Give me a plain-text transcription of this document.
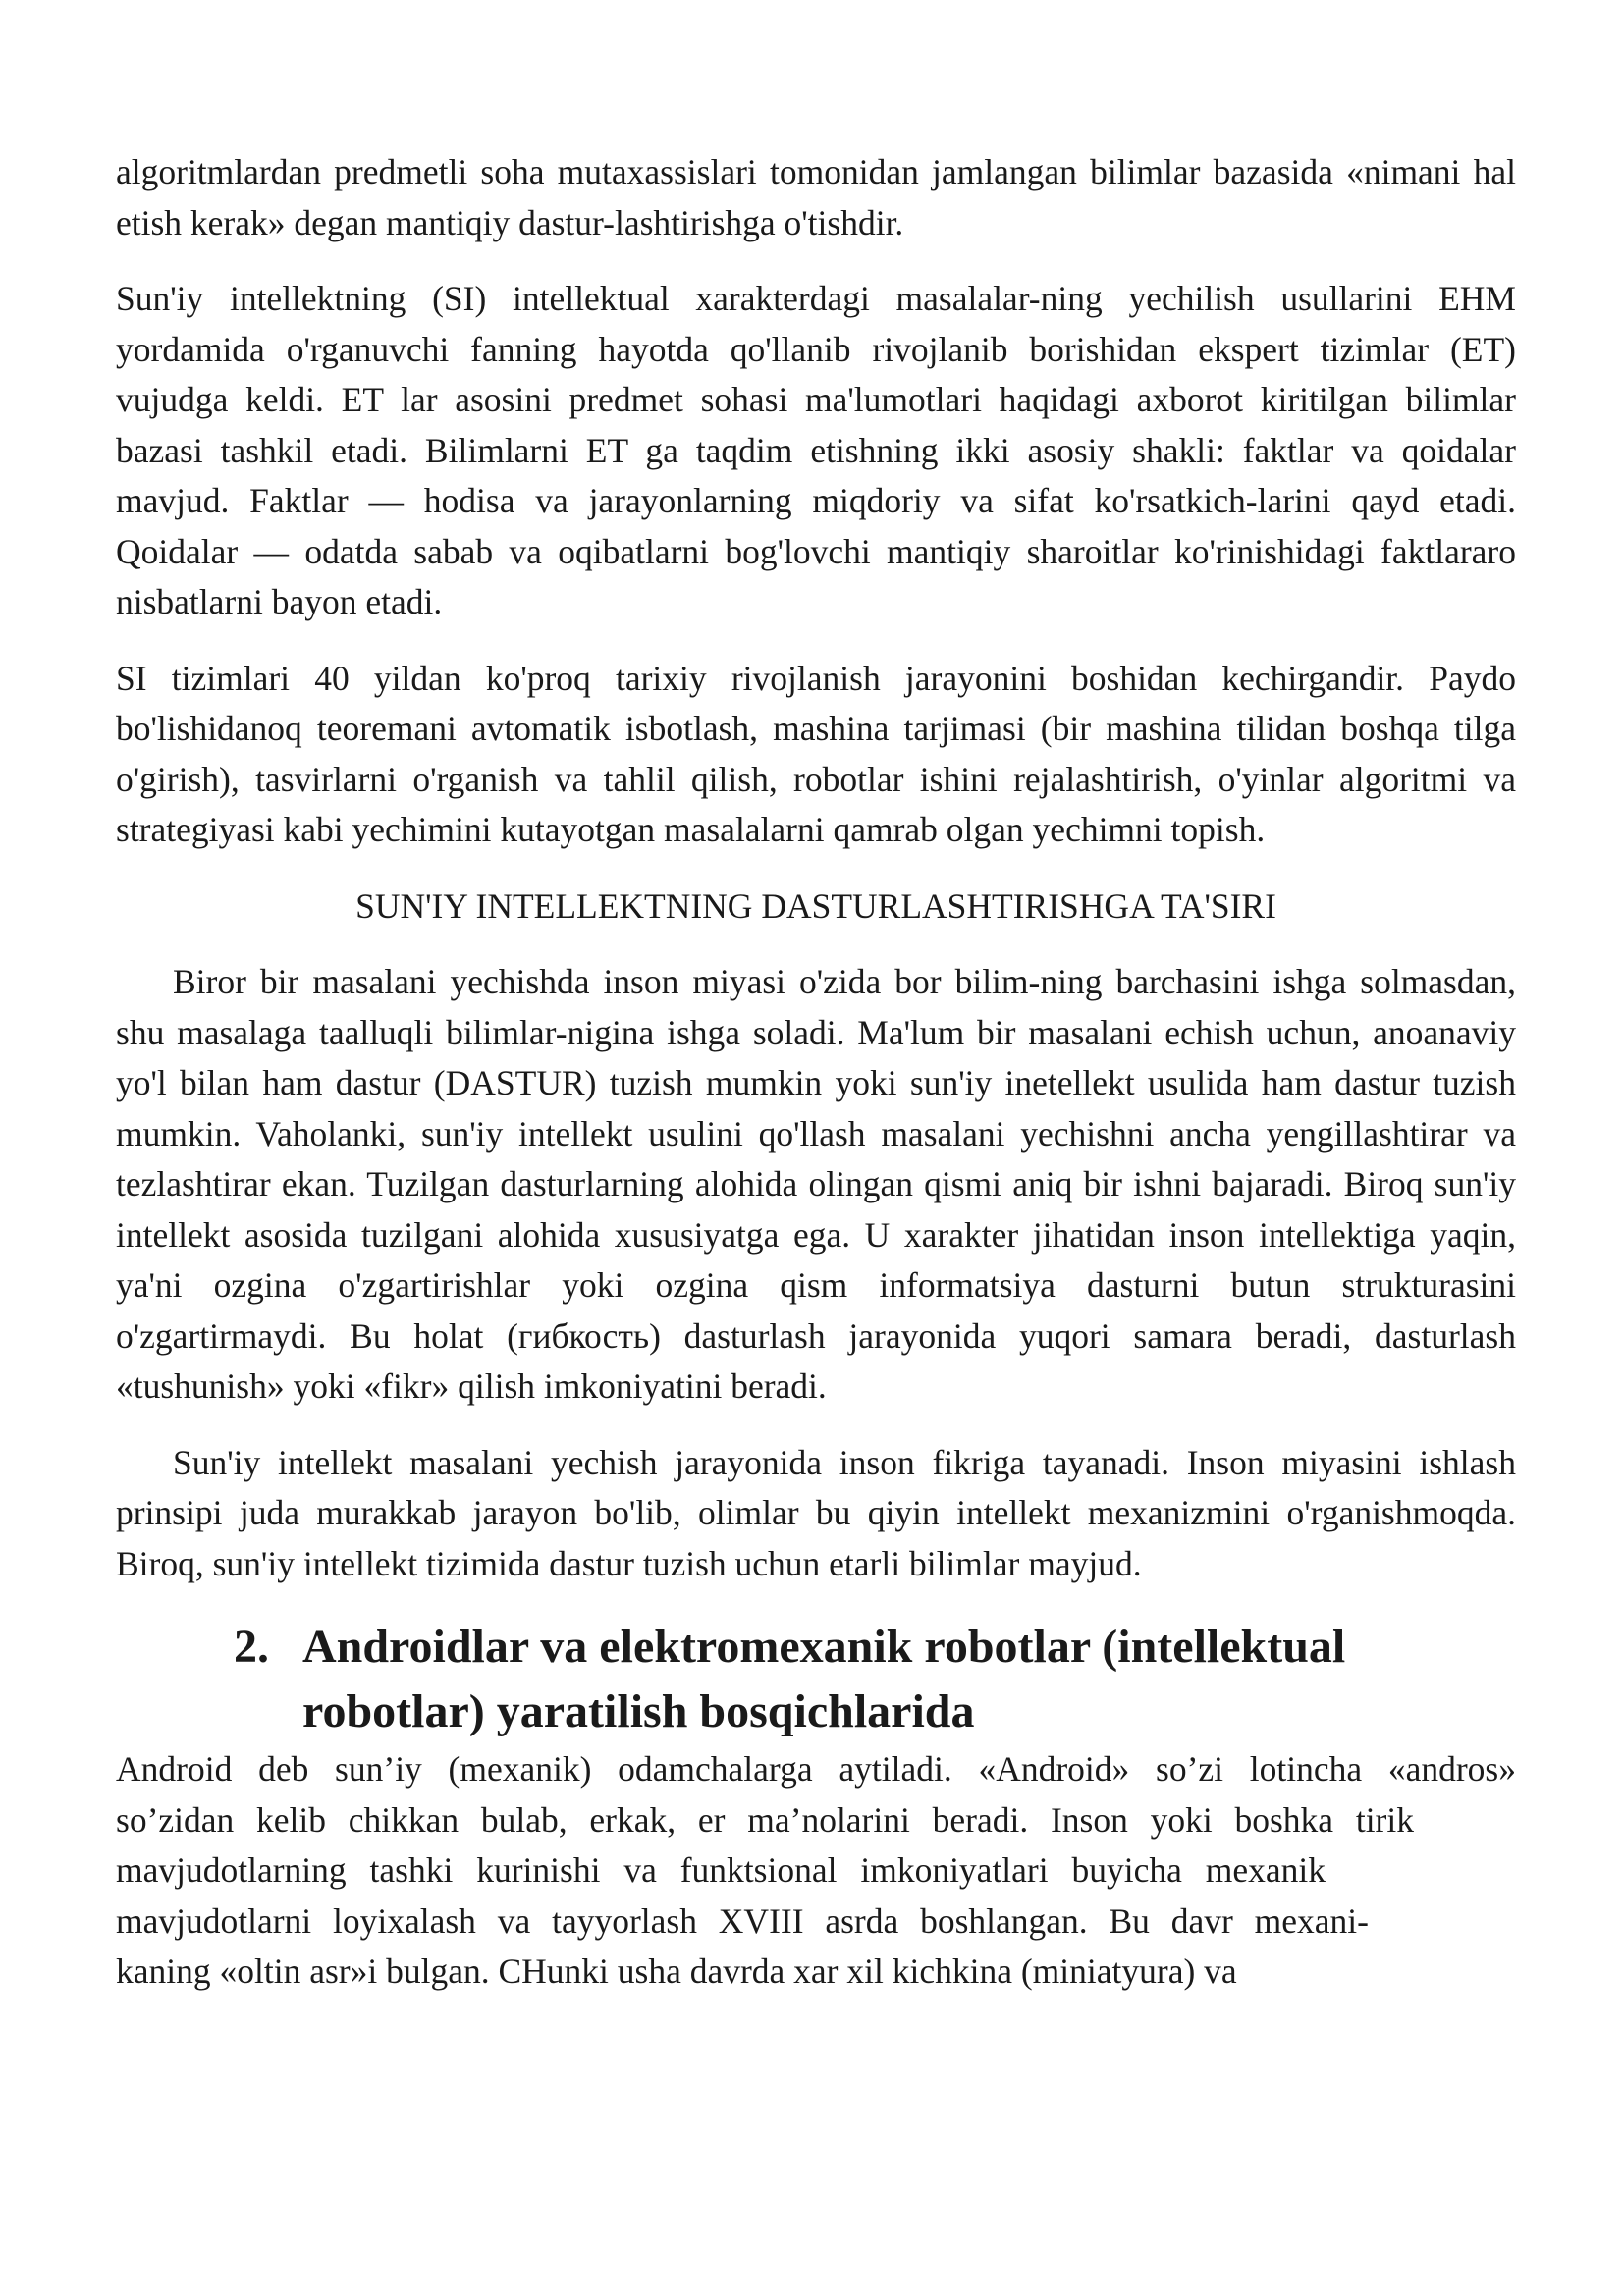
algoritmlardan predmetli soha mutaxassislari tomonidan jamlangan bilimlar bazasida «nimani hal etish kerak» degan mantiqiy dastur-lashtirishga o'tishdir.

Sun'iy intellektning (SI) intellektual xarakterdagi masalalar-ning yechilish usullarini EHM yordamida o'rganuvchi fanning hayotda qo'llanib rivojlanib borishidan ekspert tizimlar (ET) vujudga keldi. ET lar asosini predmet sohasi ma'lumotlari haqidagi axborot kiritilgan bilimlar bazasi tashkil etadi. Bilimlarni ET ga taqdim etishning ikki asosiy shakli: faktlar va qoidalar mavjud. Faktlar — hodisa va jarayonlarning miqdoriy va sifat ko'rsatkich-larini qayd etadi. Qoidalar — odatda sabab va oqibatlarni bog'lovchi mantiqiy sharoitlar ko'rinishidagi faktlararo nisbatlarni bayon etadi.

SI tizimlari 40 yildan ko'proq tarixiy rivojlanish jarayonini boshidan kechirgandir. Paydo bo'lishidanoq teoremani avtomatik isbotlash, mashina tarjimasi (bir mashina tilidan boshqa tilga o'girish), tasvirlarni o'rganish va tahlil qilish, robotlar ishini rejalashtirish, o'yinlar algoritmi va strategiyasi kabi yechimini kutayotgan masalalarni qamrab olgan yechimni topish.

SUN'IY INTELLEKTNING DASTURLASHTIRISHGA TA'SIRI

Biror bir masalani yechishda inson miyasi o'zida bor bilim-ning barchasini ishga solmasdan, shu masalaga taalluqli bilimlar-nigina ishga soladi. Ma'lum bir masalani echish uchun, anoanaviy yo'l bilan ham dastur (DASTUR) tuzish mumkin yoki sun'iy inetellekt usulida ham dastur tuzish mumkin. Vaholanki, sun'iy intellekt usulini qo'llash masalani yechishni ancha yengillashtirar va tezlashtirar ekan. Tuzilgan dasturlarning alohida olingan qismi aniq bir ishni bajaradi. Biroq sun'iy intellekt asosida tuzilgani alohida xususiyatga ega. U xarakter jihatidan inson intellektiga yaqin, ya'ni ozgina o'zgartirishlar yoki ozgina qism informatsiya dasturni butun strukturasini o'zgartirmaydi. Bu holat (гибкость) dasturlash jarayonida yuqori samara beradi, dasturlash «tushunish» yoki «fikr» qilish imkoniyatini beradi.

Sun'iy intellekt masalani yechish jarayonida inson fikriga tayanadi. Inson miyasini ishlash prinsipi juda murakkab jarayon bo'lib, olimlar bu qiyin intellekt mexanizmini o'rganishmoqda. Biroq, sun'iy intellekt tizimida dastur tuzish uchun etarli bilimlar mayjud.

2. Androidlar va elektromexanik robotlar (intellektual robotlar) yaratilish bosqichlarida
Android deb sun’iy (mexanik) odamchalarga aytiladi. «Android» so’zi lotincha «andros»
so’zidan kelib chikkan bulab, erkak, er ma’nolarini beradi. Inson yoki boshka tirik
mavjudotlarning tashki kurinishi va funktsional imkoniyatlari buyicha mexanik
mavjudotlarni loyixalash va tayyorlash XVIII asrda boshlangan. Bu davr mexani-
kaning «oltin asr»i bulgan. CHunki usha davrda xar xil kichkina (miniatyura) va
